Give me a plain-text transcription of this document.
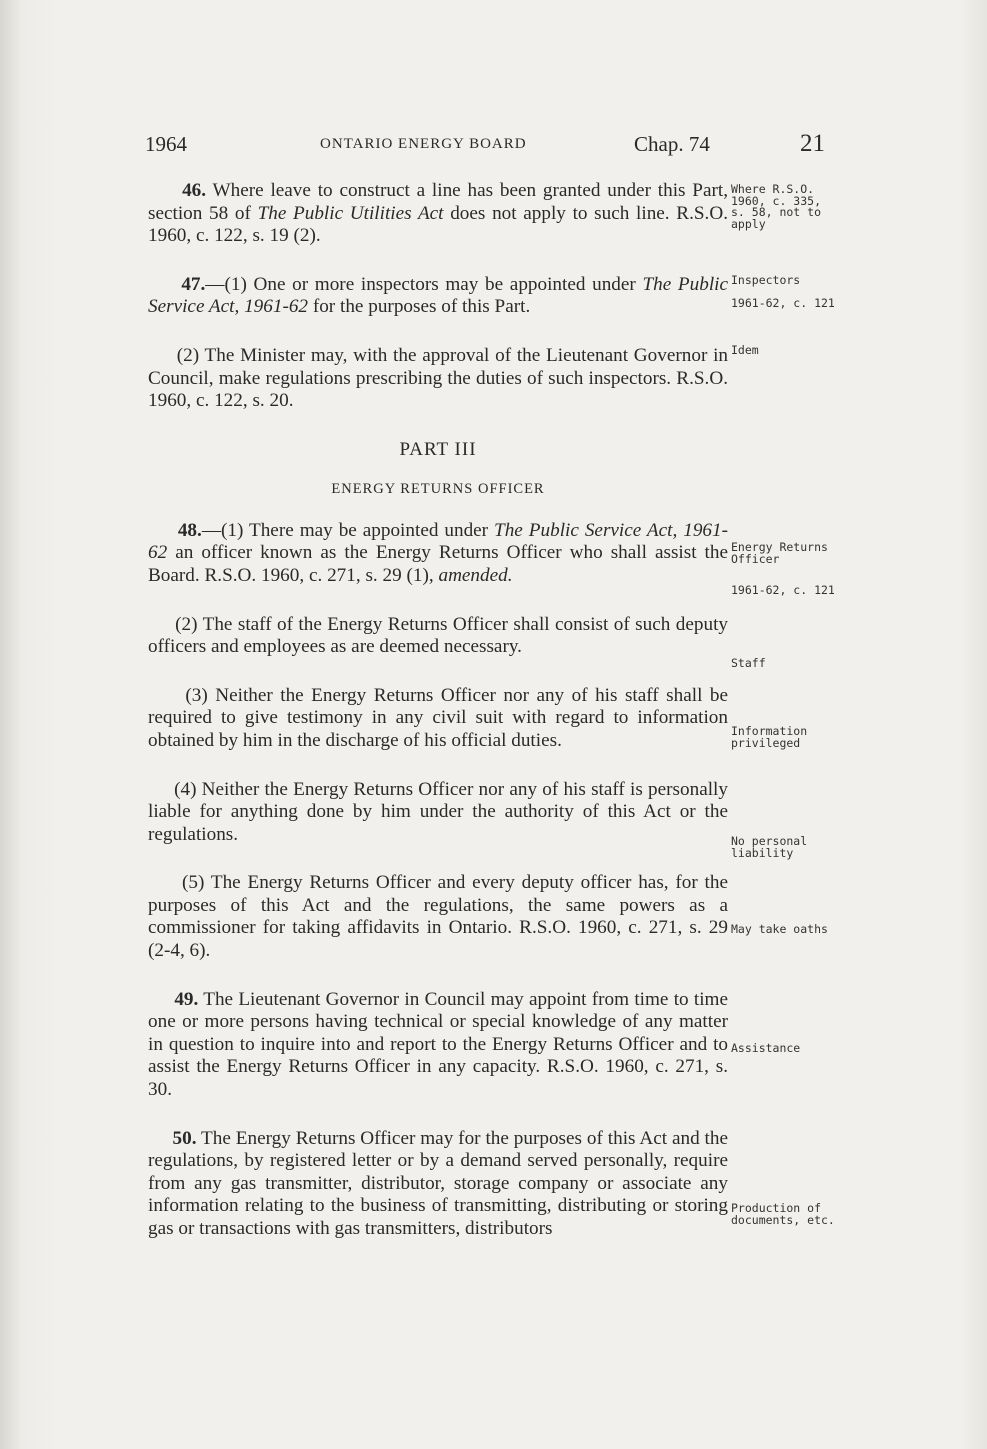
1964	ONTARIO ENERGY BOARD	Chap. 74	21
Where R.S.O. 1960, c. 335, s. 58, not to apply
Inspectors
1961-62, c. 121
Idem
Energy Returns Officer
1961-62, c. 121
Staff
Information privileged
No personal liability
May take oaths
Assistance
Production of documents, etc.

46. Where leave to construct a line has been granted under this Part, section 58 of The Public Utilities Act does not apply to such line. R.S.O. 1960, c. 122, s. 19 (2).

47.—(1) One or more inspectors may be appointed under The Public Service Act, 1961-62 for the purposes of this Part.

(2) The Minister may, with the approval of the Lieutenant Governor in Council, make regulations prescribing the duties of such inspectors. R.S.O. 1960, c. 122, s. 20.

PART III

ENERGY RETURNS OFFICER

48.—(1) There may be appointed under The Public Service Act, 1961-62 an officer known as the Energy Returns Officer who shall assist the Board. R.S.O. 1960, c. 271, s. 29 (1), amended.

(2) The staff of the Energy Returns Officer shall consist of such deputy officers and employees as are deemed necessary.

(3) Neither the Energy Returns Officer nor any of his staff shall be required to give testimony in any civil suit with regard to information obtained by him in the discharge of his official duties.

(4) Neither the Energy Returns Officer nor any of his staff is personally liable for anything done by him under the authority of this Act or the regulations.

(5) The Energy Returns Officer and every deputy officer has, for the purposes of this Act and the regulations, the same powers as a commissioner for taking affidavits in Ontario. R.S.O. 1960, c. 271, s. 29 (2-4, 6).

49. The Lieutenant Governor in Council may appoint from time to time one or more persons having technical or special knowledge of any matter in question to inquire into and report to the Energy Returns Officer and to assist the Energy Returns Officer in any capacity. R.S.O. 1960, c. 271, s. 30.

50. The Energy Returns Officer may for the purposes of this Act and the regulations, by registered letter or by a demand served personally, require from any gas transmitter, distributor, storage company or associate any information relating to the business of transmitting, distributing or storing gas or transactions with gas transmitters, distributors
